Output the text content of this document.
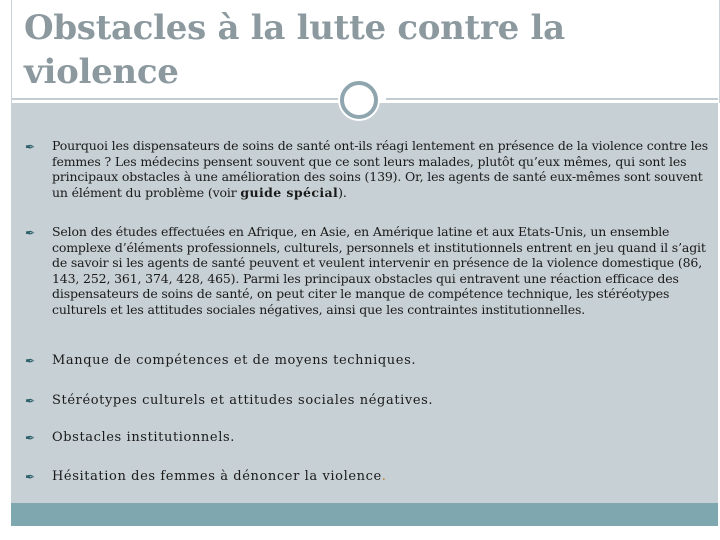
Obstacles à la lutte contre la violence
✒	Pourquoi les dispensateurs de soins de santé ont-ils réagi lentement en présence de la violence contre les femmes ? Les médecins pensent souvent que ce sont leurs malades, plutôt qu’eux mêmes, qui sont les principaux obstacles à une amélioration des soins (139). Or, les agents de santé eux-mêmes sont souvent un élément du problème (voir guide spécial).
✒	Selon des études effectuées en Afrique, en Asie, en Amérique latine et aux Etats-Unis, un ensemble complexe d’éléments professionnels, culturels, personnels et institutionnels entrent en jeu quand il s’agit de savoir si les agents de santé peuvent et veulent intervenir en présence de la violence domestique (86, 143, 252, 361, 374, 428, 465). Parmi les principaux obstacles qui entravent une réaction efficace des dispensateurs de soins de santé, on peut citer le manque de compétence technique, les stéréotypes culturels et les attitudes sociales négatives, ainsi que les contraintes institutionnelles.
✒	Manque de compétences et de moyens techniques.
✒	Stéréotypes culturels et attitudes sociales négatives.
✒	Obstacles institutionnels.
✒	Hésitation des femmes à dénoncer la violence.
